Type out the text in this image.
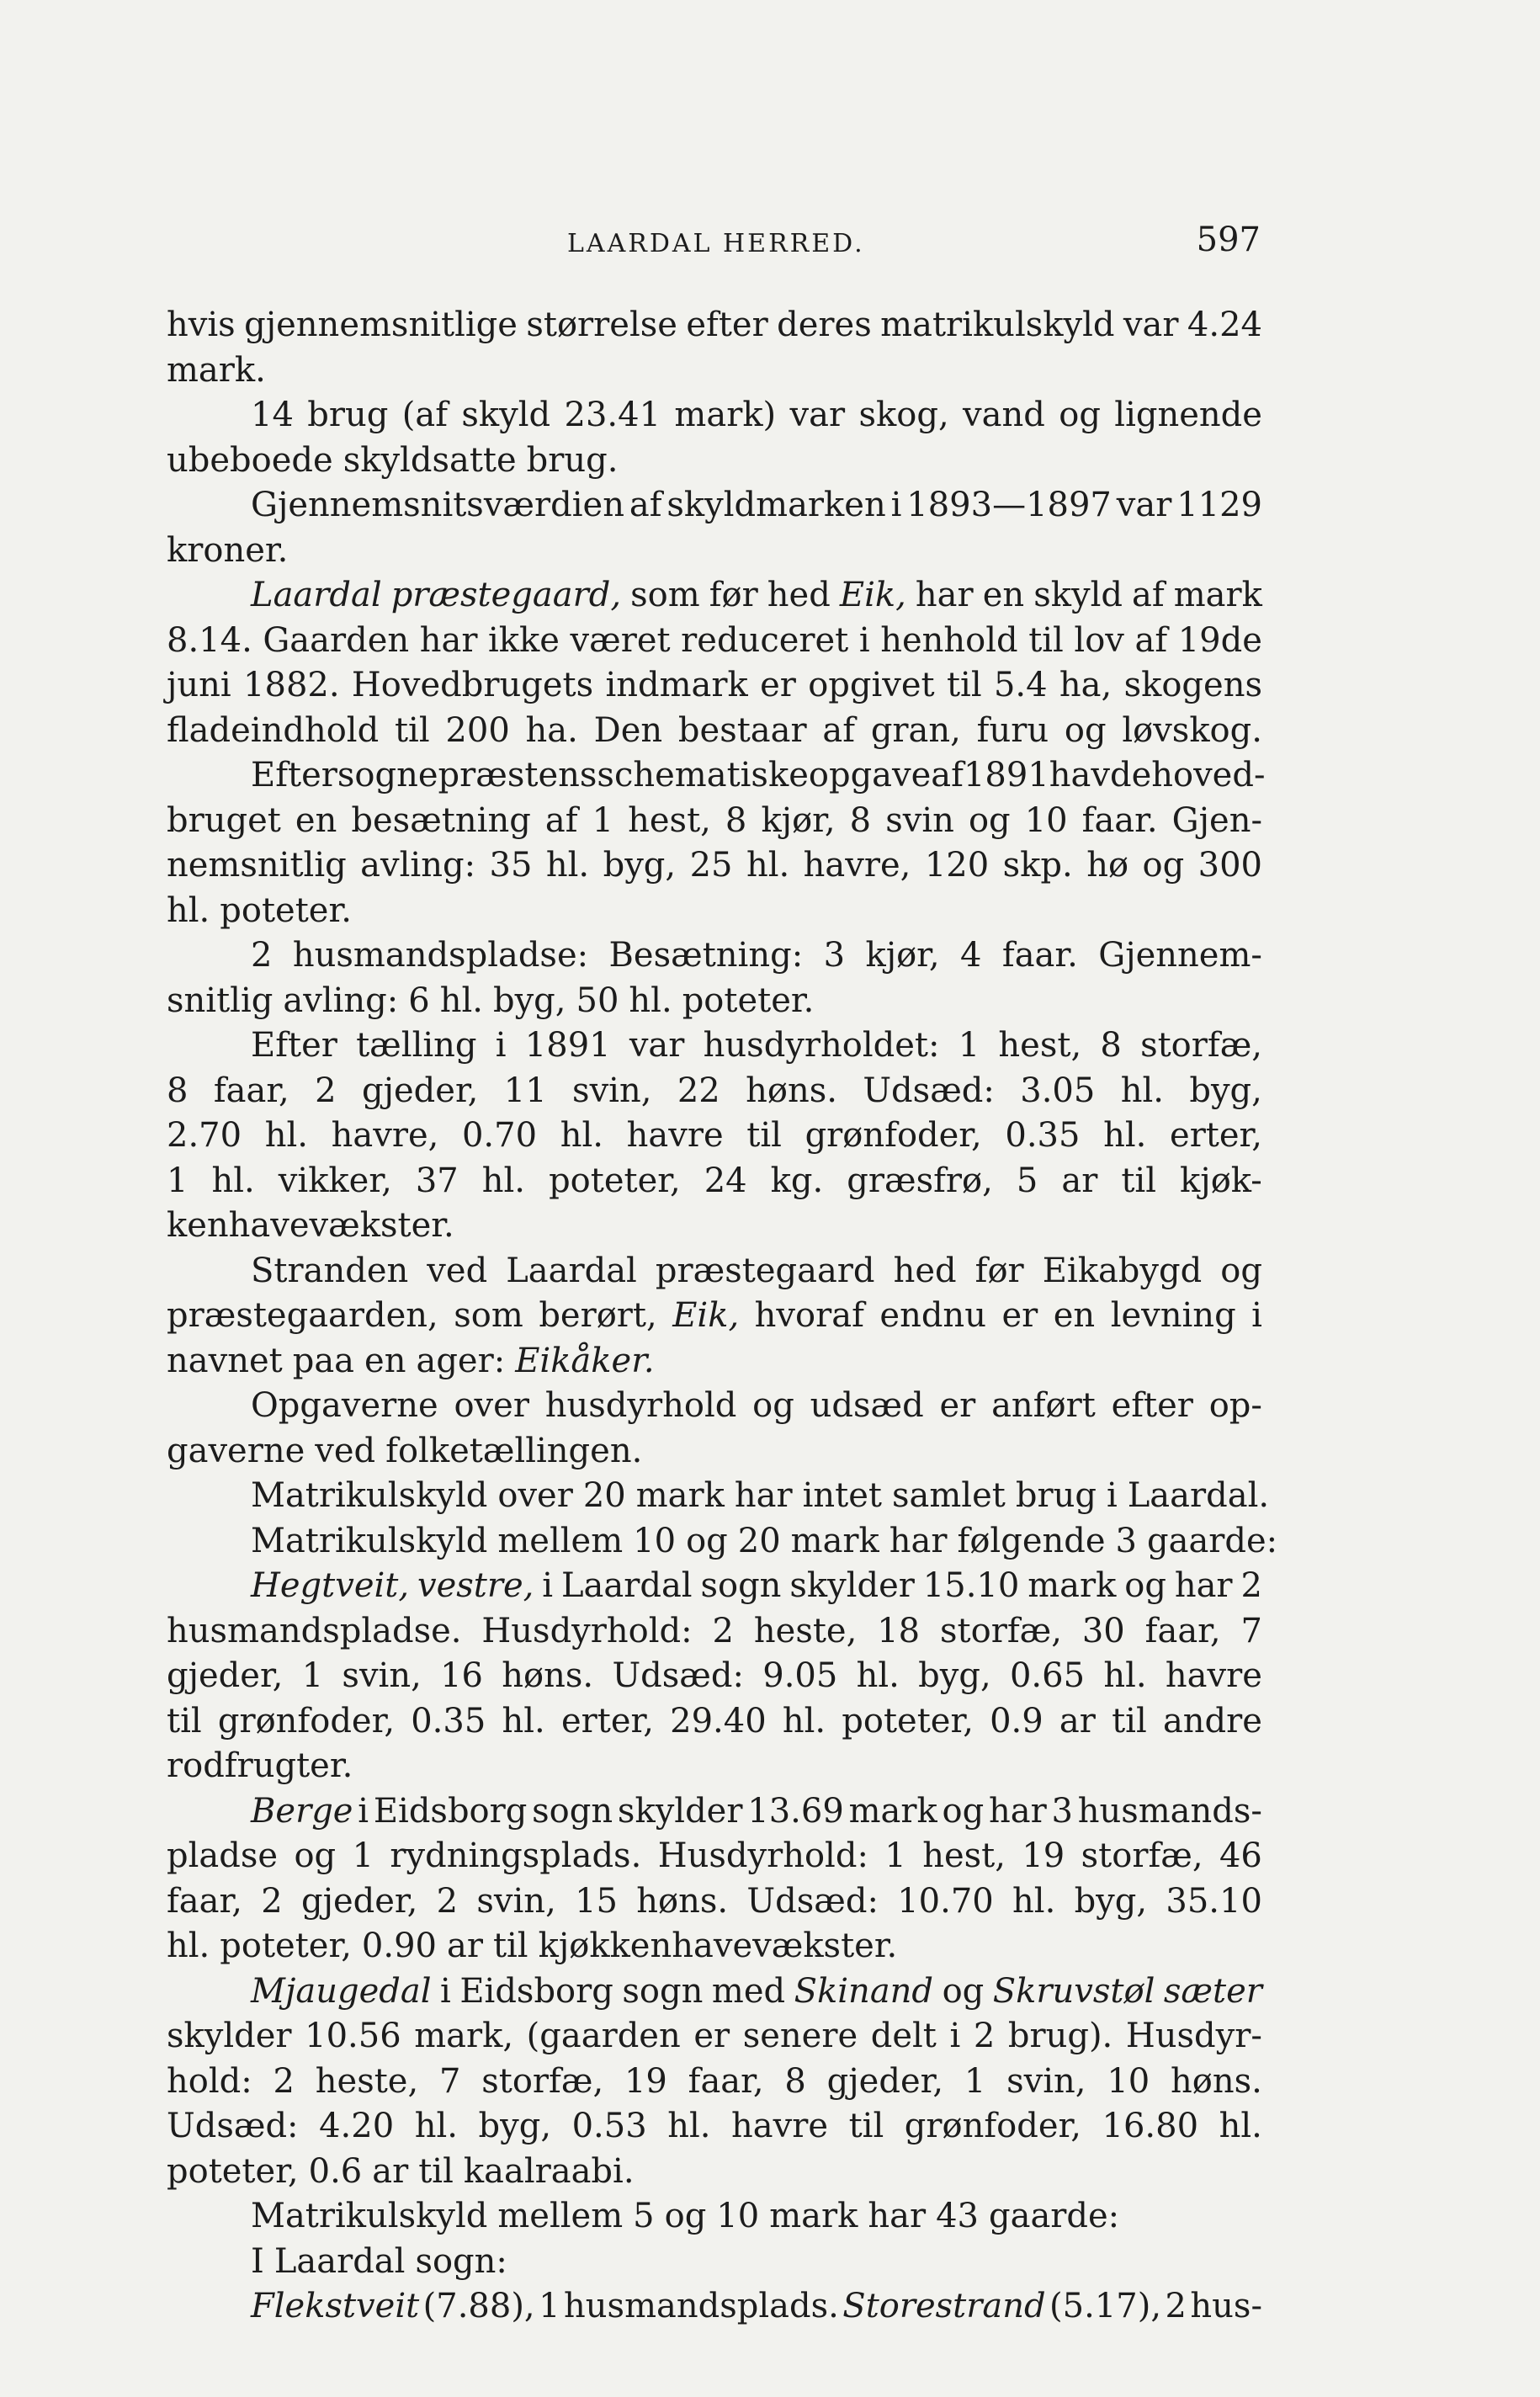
LAARDAL HERRED.	597
hvis gjennemsnitlige størrelse efter deres matrikulskyld var 4.24
mark.
14 brug (af skyld 23.41 mark) var skog, vand og lignende
ubeboede skyldsatte brug.
Gjennemsnitsværdien af skyldmarken i 1893—1897 var 1129
kroner.
Laardal præstegaard, som før hed Eik, har en skyld af mark
8.14. Gaarden har ikke været reduceret i henhold til lov af 19de
juni 1882. Hovedbrugets indmark er opgivet til 5.4 ha, skogens
fladeindhold til 200 ha. Den bestaar af gran, furu og løvskog.
Efter sognepræstens schematiske opgave af 1891 havde hoved-
bruget en besætning af 1 hest, 8 kjør, 8 svin og 10 faar. Gjen-
nemsnitlig avling: 35 hl. byg, 25 hl. havre, 120 skp. hø og 300
hl. poteter.
2 husmandspladse: Besætning: 3 kjør, 4 faar. Gjennem-
snitlig avling: 6 hl. byg, 50 hl. poteter.
Efter tælling i 1891 var husdyrholdet: 1 hest, 8 storfæ,
8 faar, 2 gjeder, 11 svin, 22 høns. Udsæd: 3.05 hl. byg,
2.70 hl. havre, 0.70 hl. havre til grønfoder, 0.35 hl. erter,
1 hl. vikker, 37 hl. poteter, 24 kg. græsfrø, 5 ar til kjøk-
kenhavevækster.
Stranden ved Laardal præstegaard hed før Eikabygd og
præstegaarden, som berørt, Eik, hvoraf endnu er en levning i
navnet paa en ager: Eikåker.
Opgaverne over husdyrhold og udsæd er anført efter op-
gaverne ved folketællingen.
Matrikulskyld over 20 mark har intet samlet brug i Laardal.
Matrikulskyld mellem 10 og 20 mark har følgende 3 gaarde:
Hegtveit, vestre, i Laardal sogn skylder 15.10 mark og har 2
husmandspladse. Husdyrhold: 2 heste, 18 storfæ, 30 faar, 7
gjeder, 1 svin, 16 høns. Udsæd: 9.05 hl. byg, 0.65 hl. havre
til grønfoder, 0.35 hl. erter, 29.40 hl. poteter, 0.9 ar til andre
rodfrugter.
Berge i Eidsborg sogn skylder 13.69 mark og har 3 husmands-
pladse og 1 rydningsplads. Husdyrhold: 1 hest, 19 storfæ, 46
faar, 2 gjeder, 2 svin, 15 høns. Udsæd: 10.70 hl. byg, 35.10
hl. poteter, 0.90 ar til kjøkkenhavevækster.
Mjaugedal i Eidsborg sogn med Skinand og Skruvstøl sæter
skylder 10.56 mark, (gaarden er senere delt i 2 brug). Husdyr-
hold: 2 heste, 7 storfæ, 19 faar, 8 gjeder, 1 svin, 10 høns.
Udsæd: 4.20 hl. byg, 0.53 hl. havre til grønfoder, 16.80 hl.
poteter, 0.6 ar til kaalraabi.
Matrikulskyld mellem 5 og 10 mark har 43 gaarde:
I Laardal sogn:
Flekstveit (7.88), 1 husmandsplads. Storestrand (5.17), 2 hus-
